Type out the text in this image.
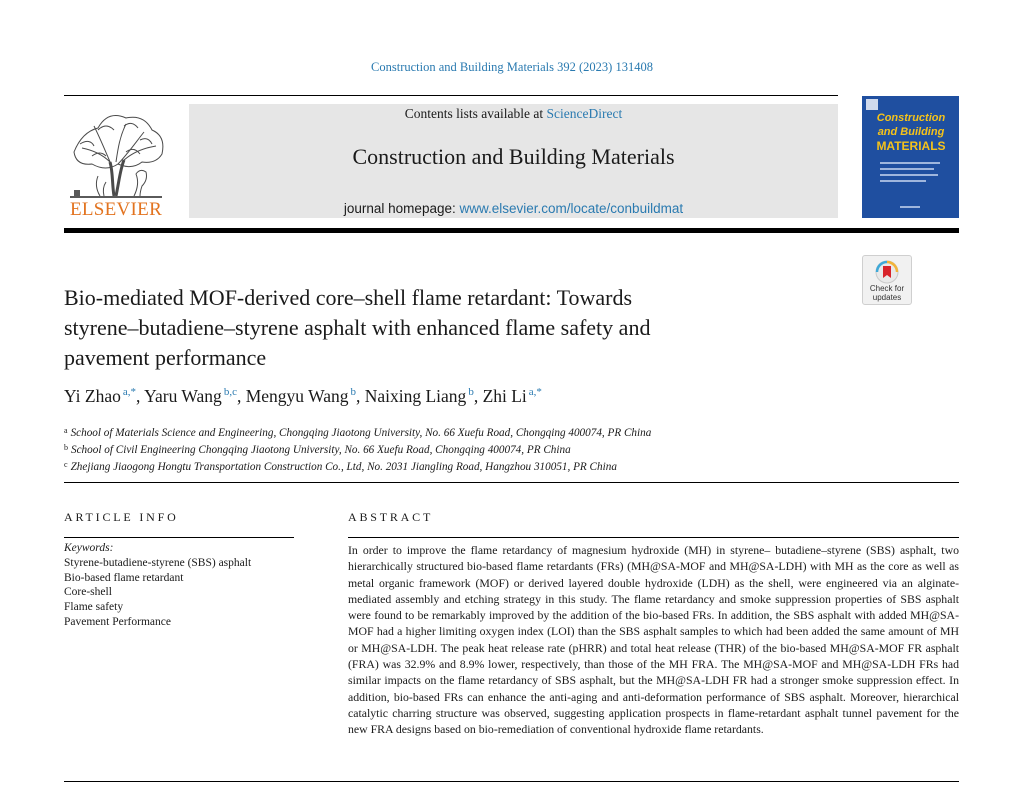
Construction and Building Materials 392 (2023) 131408
ELSEVIER
Contents lists available at ScienceDirect
Construction and Building Materials
journal homepage: www.elsevier.com/locate/conbuildmat
Construction
and Building
MATERIALS
Check for
updates
Bio-mediated MOF-derived core–shell flame retardant: Towards
styrene–butadiene–styrene asphalt with enhanced flame safety and
pavement performance
Yi Zhao $^{a,*}$, Yaru Wang $^{b,c}$, Mengyu Wang $^b$, Naixing Liang $^b$, Zhi Li $^{a,*}$
$^a$ School of Materials Science and Engineering, Chongqing Jiaotong University, No. 66 Xuefu Road, Chongqing 400074, PR China
$^b$ School of Civil Engineering Chongqing Jiaotong University, No. 66 Xuefu Road, Chongqing 400074, PR China
$^c$ Zhejiang Jiaogong Hongtu Transportation Construction Co., Ltd, No. 2031 Jiangling Road, Hangzhou 310051, PR China
ARTICLE INFO
Keywords:
Styrene-butadiene-styrene (SBS) asphalt
Bio-based flame retardant
Core-shell
Flame safety
Pavement Performance
ABSTRACT
In order to improve the flame retardancy of magnesium hydroxide (MH) in styrene– butadiene–styrene (SBS) asphalt, two hierarchically structured bio-based flame retardants (FRs) (MH@SA-MOF and MH@SA-LDH) with MH as the core as well as metal organic framework (MOF) or derived layered double hydroxide (LDH) as the shell, were engineered via an alginate-mediated assembly and etching strategy in this study. The flame retardancy and smoke suppression properties of SBS asphalt were found to be remarkably improved by the addition of the bio-based FRs. In addition, the SBS asphalt with added MH@SA-MOF had a higher limiting oxygen index (LOI) than the SBS asphalt samples to which had been added the same amount of MH or MH@SA-LDH. The peak heat release rate (pHRR) and total heat release (THR) of the bio-based MH@SA-MOF FR asphalt (FRA) was 32.9% and 8.9% lower, respectively, than those of the MH FRA. The MH@SA-MOF and MH@SA-LDH FRs had similar impacts on the flame retardancy of SBS asphalt, but the MH@SA-LDH FR had a stronger smoke suppression effect. In addition, bio-based FRs can enhance the anti-aging and anti-deformation performance of SBS asphalt. Moreover, hierarchical catalytic charring structure was observed, suggesting application prospects in flame-retardant asphalt tunnel pavement for the new FRA designs based on bio-remediation of conventional hydroxide flame retardants.
